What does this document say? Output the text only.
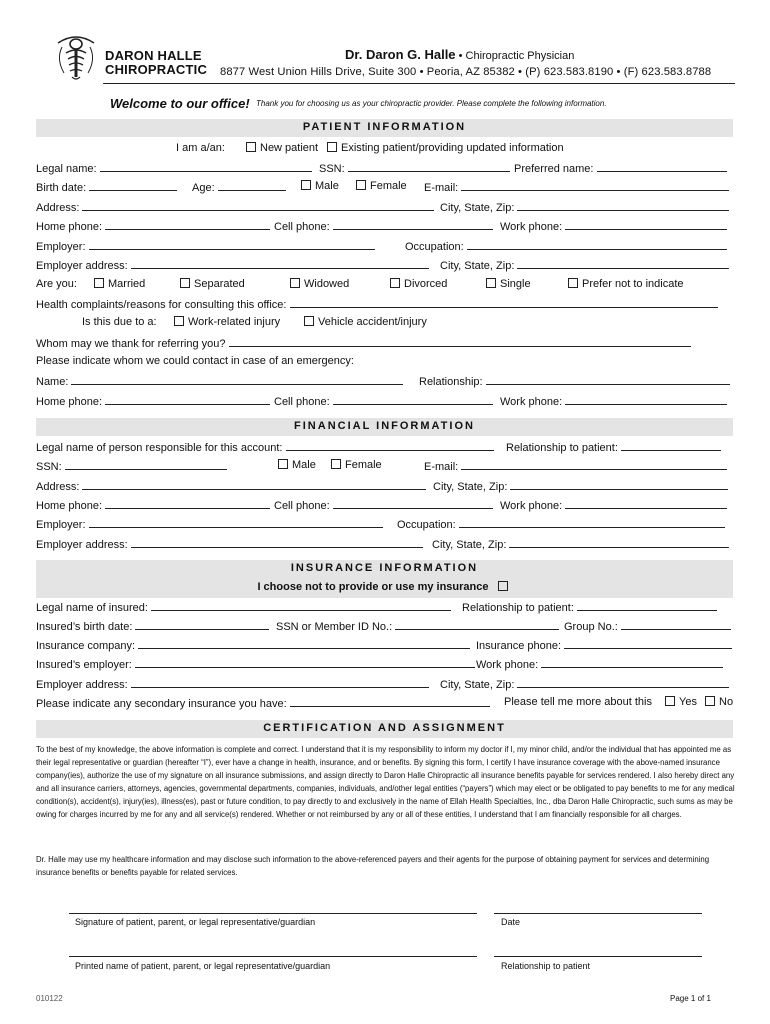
DARON HALLE
CHIROPRACTIC
Dr. Daron G. Halle • Chiropractic Physician
8877 West Union Hills Drive, Suite 300 • Peoria, AZ 85382 • (P) 623.583.8190 • (F) 623.583.8788
Welcome to our office! Thank you for choosing us as your chiropractic provider. Please complete the following information.
PATIENT INFORMATION
I am a/an:	New patient	Existing patient/providing updated information
Legal name:	SSN:	Preferred name:
Birth date:	Age:	Male	Female E-mail:
Address:	City, State, Zip:
Home phone:	Cell phone:	Work phone:
Employer:	Occupation:
Employer address:	City, State, Zip:
Are you:	Married	Separated	Widowed	Divorced	Single	Prefer not to indicate
Health complaints/reasons for consulting this office:
Is this due to a:	Work-related injury	Vehicle accident/injury
Whom may we thank for referring you?
Please indicate whom we could contact in case of an emergency:
Name:	Relationship:
Home phone:	Cell phone:	Work phone:
FINANCIAL INFORMATION
Legal name of person responsible for this account:	Relationship to patient:
SSN:	Male	Female	E-mail:
Address:	City, State, Zip:
Home phone:	Cell phone:	Work phone:
Employer:	Occupation:
Employer address:	City, State, Zip:
INSURANCE INFORMATION
I choose not to provide or use my insurance
Legal name of insured:	Relationship to patient:
Insured’s birth date:	SSN or Member ID No.:	Group No.:
Insurance company:	Insurance phone:
Insured’s employer:	Work phone:
Employer address:	City, State, Zip:
Please indicate any secondary insurance you have:	Please tell me more about this	Yes	No
CERTIFICATION AND ASSIGNMENT
To the best of my knowledge, the above information is complete and correct. I understand that it is my responsibility to inform my doctor if I, my minor child, and/or the individual that has appointed me as their legal representative or guardian (hereafter “I”), ever have a change in health, insurance, and or benefits. By signing this form, I certify I have insurance coverage with the above-named insurance company(ies), authorize the use of my signature on all insurance submissions, and assign directly to Daron Halle Chiropractic all insurance benefits payable for services rendered. I also hereby direct any and all insurance carriers, attorneys, agencies, governmental departments, companies, individuals, and/other legal entities (“payers”) which may elect or be obligated to pay benefits to me for any medical condition(s), accident(s), injury(ies), illness(es), past or future condition, to pay directly to and exclusively in the name of Ellah Health Specialties, Inc., dba Daron Halle Chiropractic, such sums as may be owing for charges incurred by me for any and all service(s) rendered. Whether or not reimbursed by any or all of these entities, I understand that I am financially responsible for all charges.
Dr. Halle may use my healthcare information and may disclose such information to the above-referenced payers and their agents for the purpose of obtaining payment for services and determining insurance benefits or benefits payable for related services.
Signature of patient, parent, or legal representative/guardian	Date
Printed name of patient, parent, or legal representative/guardian	Relationship to patient
010122	Page 1 of 1
